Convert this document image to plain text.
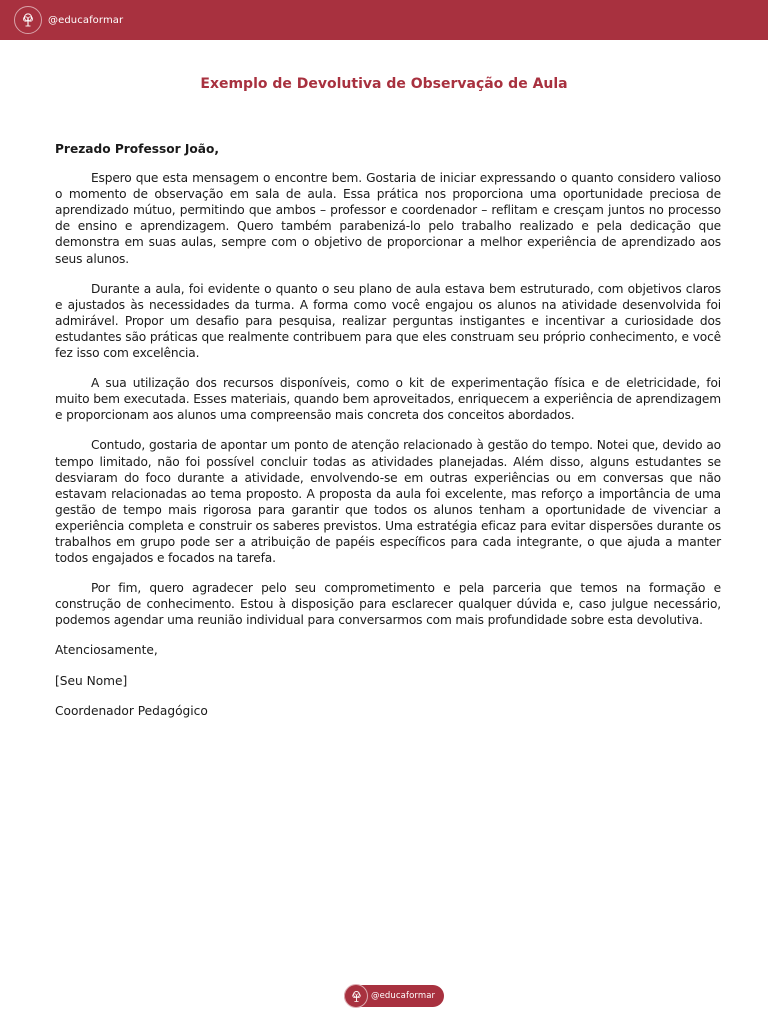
@educaformar
Exemplo de Devolutiva de Observação de Aula

Prezado Professor João,

Espero que esta mensagem o encontre bem. Gostaria de iniciar expressando o quanto considero valioso o momento de observação em sala de aula. Essa prática nos proporciona uma oportunidade preciosa de aprendizado mútuo, permitindo que ambos – professor e coordenador – reflitam e cresçam juntos no processo de ensino e aprendizagem. Quero também parabenizá-lo pelo trabalho realizado e pela dedicação que demonstra em suas aulas, sempre com o objetivo de proporcionar a melhor experiência de aprendizado aos seus alunos.

Durante a aula, foi evidente o quanto o seu plano de aula estava bem estruturado, com objetivos claros e ajustados às necessidades da turma. A forma como você engajou os alunos na atividade desenvolvida foi admirável. Propor um desafio para pesquisa, realizar perguntas instigantes e incentivar a curiosidade dos estudantes são práticas que realmente contribuem para que eles construam seu próprio conhecimento, e você fez isso com excelência.

A sua utilização dos recursos disponíveis, como o kit de experimentação física e de eletricidade, foi muito bem executada. Esses materiais, quando bem aproveitados, enriquecem a experiência de aprendizagem e proporcionam aos alunos uma compreensão mais concreta dos conceitos abordados.

Contudo, gostaria de apontar um ponto de atenção relacionado à gestão do tempo. Notei que, devido ao tempo limitado, não foi possível concluir todas as atividades planejadas. Além disso, alguns estudantes se desviaram do foco durante a atividade, envolvendo-se em outras experiências ou em conversas que não estavam relacionadas ao tema proposto. A proposta da aula foi excelente, mas reforço a importância de uma gestão de tempo mais rigorosa para garantir que todos os alunos tenham a oportunidade de vivenciar a experiência completa e construir os saberes previstos. Uma estratégia eficaz para evitar dispersões durante os trabalhos em grupo pode ser a atribuição de papéis específicos para cada integrante, o que ajuda a manter todos engajados e focados na tarefa.

Por fim, quero agradecer pelo seu comprometimento e pela parceria que temos na formação e construção de conhecimento. Estou à disposição para esclarecer qualquer dúvida e, caso julgue necessário, podemos agendar uma reunião individual para conversarmos com mais profundidade sobre esta devolutiva.

Atenciosamente,

[Seu Nome]

Coordenador Pedagógico

@educaformar
